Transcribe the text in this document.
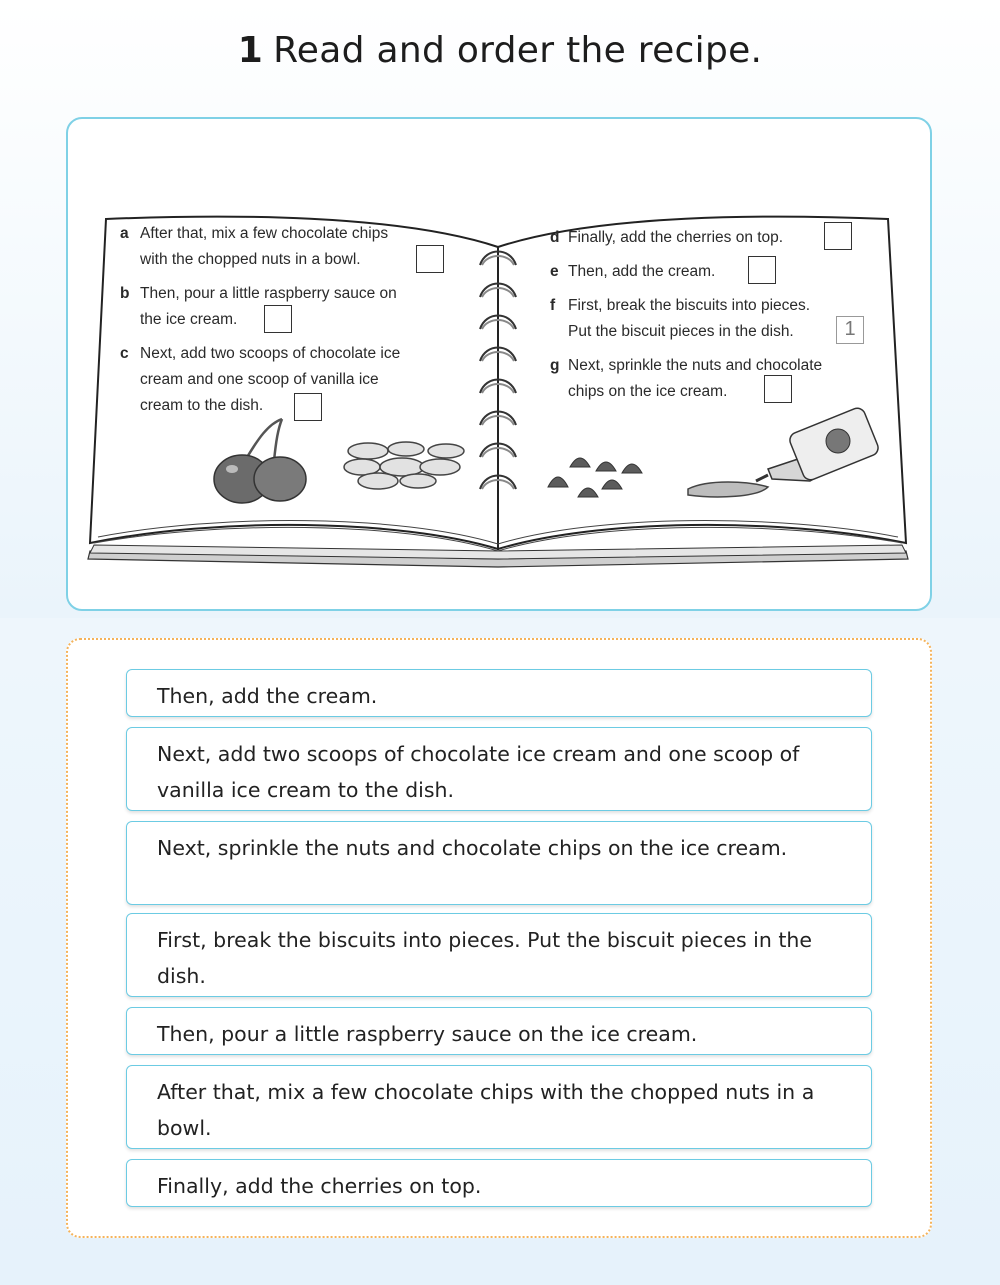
1 Read and order the recipe.
a After that, mix a few chocolate chips
with the chopped nuts in a bowl.
b Then, pour a little raspberry sauce on
the ice cream.
c Next, add two scoops of chocolate ice
cream and one scoop of vanilla ice
cream to the dish.
d Finally, add the cherries on top.
e Then, add the cream.
f First, break the biscuits into pieces.
Put the biscuit pieces in the dish.	1
g Next, sprinkle the nuts and chocolate
chips on the ice cream.
Then, add the cream.
Next, add two scoops of chocolate ice cream and one scoop of vanilla ice cream to the dish.
Next, sprinkle the nuts and chocolate chips on the ice cream.
First, break the biscuits into pieces. Put the biscuit pieces in the dish.
Then, pour a little raspberry sauce on the ice cream.
After that, mix a few chocolate chips with the chopped nuts in a bowl.
Finally, add the cherries on top.
